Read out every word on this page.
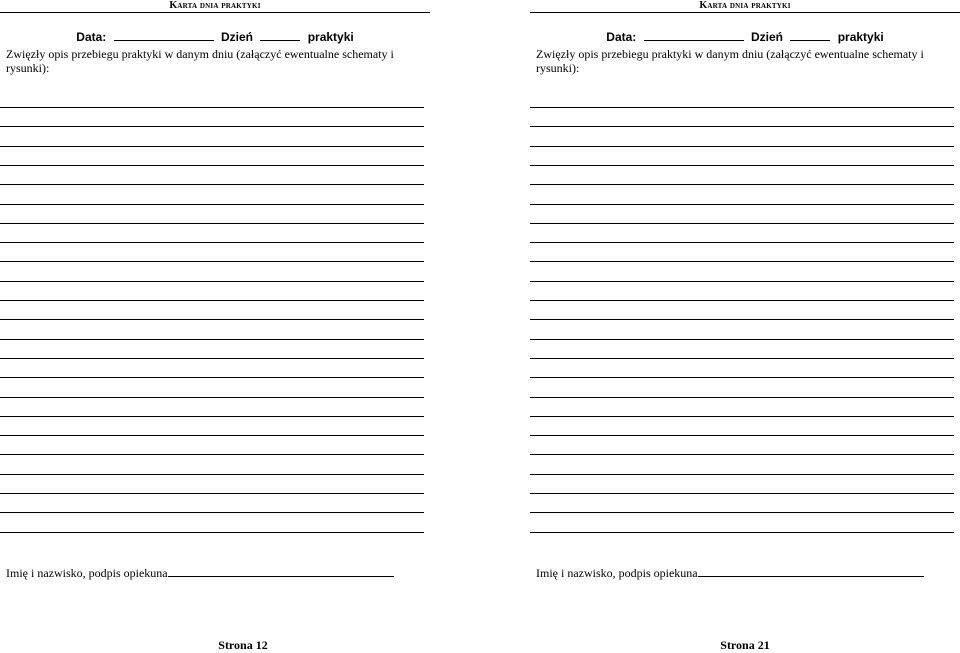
Karta dnia praktyki
Data:	Dzień	praktyki
Zwięzły opis przebiegu praktyki w danym dniu (załączyć ewentualne schematy i rysunki):
Imię i nazwisko, podpis opiekuna
Strona 12
Karta dnia praktyki
Data:	Dzień	praktyki
Zwięzły opis przebiegu praktyki w danym dniu (załączyć ewentualne schematy i rysunki):
Imię i nazwisko, podpis opiekuna
Strona 21
